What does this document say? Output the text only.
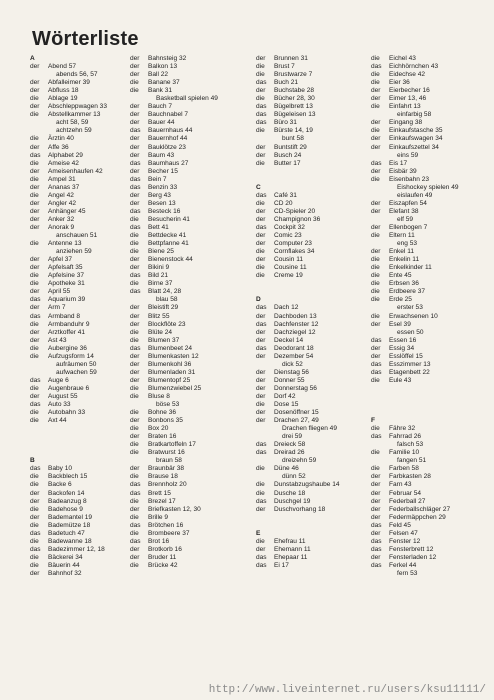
Wörterliste
A
der Abend 57
abends 56, 57
der Abfalleimer 39
der Abfluss 18
die Ablage 19
der Abschleppwagen 33
die Abstellkammer 13
acht 58, 59
achtzehn 59
die Ärztin 40
der Affe 36
das Alphabet 29
die Ameise 42
der Ameisenhaufen 42
die Ampel 31
der Ananas 37
die Angel 42
der Angler 42
der Anhänger 45
der Anker 32
der Anorak 9
anschauen 51
die Antenne 13
anziehen 59
der Apfel 37
der Apfelsaft 35
die Apfelsine 37
die Apotheke 31
der April 55
das Aquarium 39
der Arm 7
das Armband 8
die Armbanduhr 9
der Arztkoffer 41
der Ast 43
die Aubergine 36
die Aufzugsform 14
aufräumen 50
aufwachen 59
das Auge 6
die Augenbraue 6
der August 55
das Auto 33
die Autobahn 33
die Axt 44
B
das Baby 10
die Backblech 15
die Backe 6
der Backofen 14
der Badeanzug 8
die Badehose 9
der Bademantel 19
die Bademütze 18
das Badetuch 47
die Badewanne 18
das Badezimmer 12, 18
die Bäckerei 34
die Bäuerin 44
der Bahnhof 32
der Bahnsteig 32
der Balkon 13
der Ball 22
die Banane 37
die Bank 31
Basketball spielen 49
der Bauch 7
der Bauchnabel 7
der Bauer 44
das Bauernhaus 44
der Bauernhof 44
der Bauklötze 23
der Baum 43
das Baumhaus 27
der Becher 15
das Bein 7
das Benzin 33
der Berg 43
der Besen 13
das Besteck 16
die Besucherin 41
das Bett 41
die Bettdecke 41
die Bettpfanne 41
die Biene 25
der Bienenstock 44
der Bikini 9
das Bild 21
die Birne 37
das Blatt 24, 28
blau 58
der Bleistift 29
der Blitz 55
der Blockflöte 23
die Blüte 24
die Blumen 37
das Blumenbeet 24
der Blumenkasten 12
der Blumenkohl 36
der Blumenladen 31
der Blumentopf 25
die Blumenzwiebel 25
die Bluse 8
böse 53
die Bohne 36
der Bonbons 35
die Box 20
der Braten 16
die Bratkartoffeln 17
die Bratwurst 16
braun 58
der Braunbär 38
die Brause 18
das Brennholz 20
das Brett 15
die Brezel 17
der Briefkasten 12, 30
die Brille 9
das Brötchen 16
die Brombeere 37
das Brot 16
der Brotkorb 16
der Bruder 11
die Brücke 42
der Brunnen 31
die Brust 7
die Brustwarze 7
das Buch 21
der Buchstabe 28
die Bücher 28, 30
das Bügelbrett 13
das Bügeleisen 13
das Büro 31
die Bürste 14, 19
bunt 58
der Buntstift 29
der Busch 24
die Butter 17
C
das Café 31
die CD 20
der CD-Spieler 20
der Champignon 36
das Cockpit 32
der Comic 23
der Computer 23
die Cornflakes 34
der Cousin 11
die Cousine 11
die Creme 19
D
das Dach 12
der Dachboden 13
das Dachfenster 12
der Dachziegel 12
der Deckel 14
das Deodorant 18
der Dezember 54
dick 52
der Dienstag 56
der Donner 55
der Donnerstag 56
der Dorf 42
die Dose 15
der Dosenöffner 15
der Drachen 27, 49
Drachen fliegen 49
drei 59
das Dreieck 58
das Dreirad 26
dreizehn 59
die Düne 46
dünn 52
die Dunstabzugshaube 14
die Dusche 18
das Duschgel 19
der Duschvorhang 18
E
die Ehefrau 11
der Ehemann 11
das Ehepaar 11
das Ei 17
die Eichel 43
das Eichhörnchen 43
die Eidechse 42
die Eier 36
der Eierbecher 16
der Eimer 13, 46
die Einfahrt 13
einfarbig 58
der Eingang 38
die Einkaufstasche 35
der Einkaufswagen 34
der Einkaufszettel 34
eins 59
das Eis 17
der Eisbär 39
die Eisenbahn 23
Eishockey spielen 49
eislaufen 49
der Eiszapfen 54
der Elefant 38
elf 59
der Ellenbogen 7
die Eltern 11
eng 53
der Enkel 11
die Enkelin 11
die Enkelkinder 11
die Ente 45
die Erbsen 36
die Erdbeere 37
die Erde 25
erster 53
die Erwachsenen 10
der Esel 39
essen 50
das Essen 16
der Essig 34
der Esslöffel 15
das Esszimmer 13
das Etagenbett 22
die Eule 43
F
die Fähre 32
das Fahrrad 26
falsch 53
die Familie 10
fangen 51
die Farben 58
der Farbkasten 28
der Farn 43
der Februar 54
der Federball 27
der Federballschläger 27
der Federmäppchen 29
das Feld 45
der Felsen 47
das Fenster 12
das Fensterbrett 12
der Fensterladen 12
das Ferkel 44
fern 53
http://www.liveinternet.ru/users/ksu11111/
